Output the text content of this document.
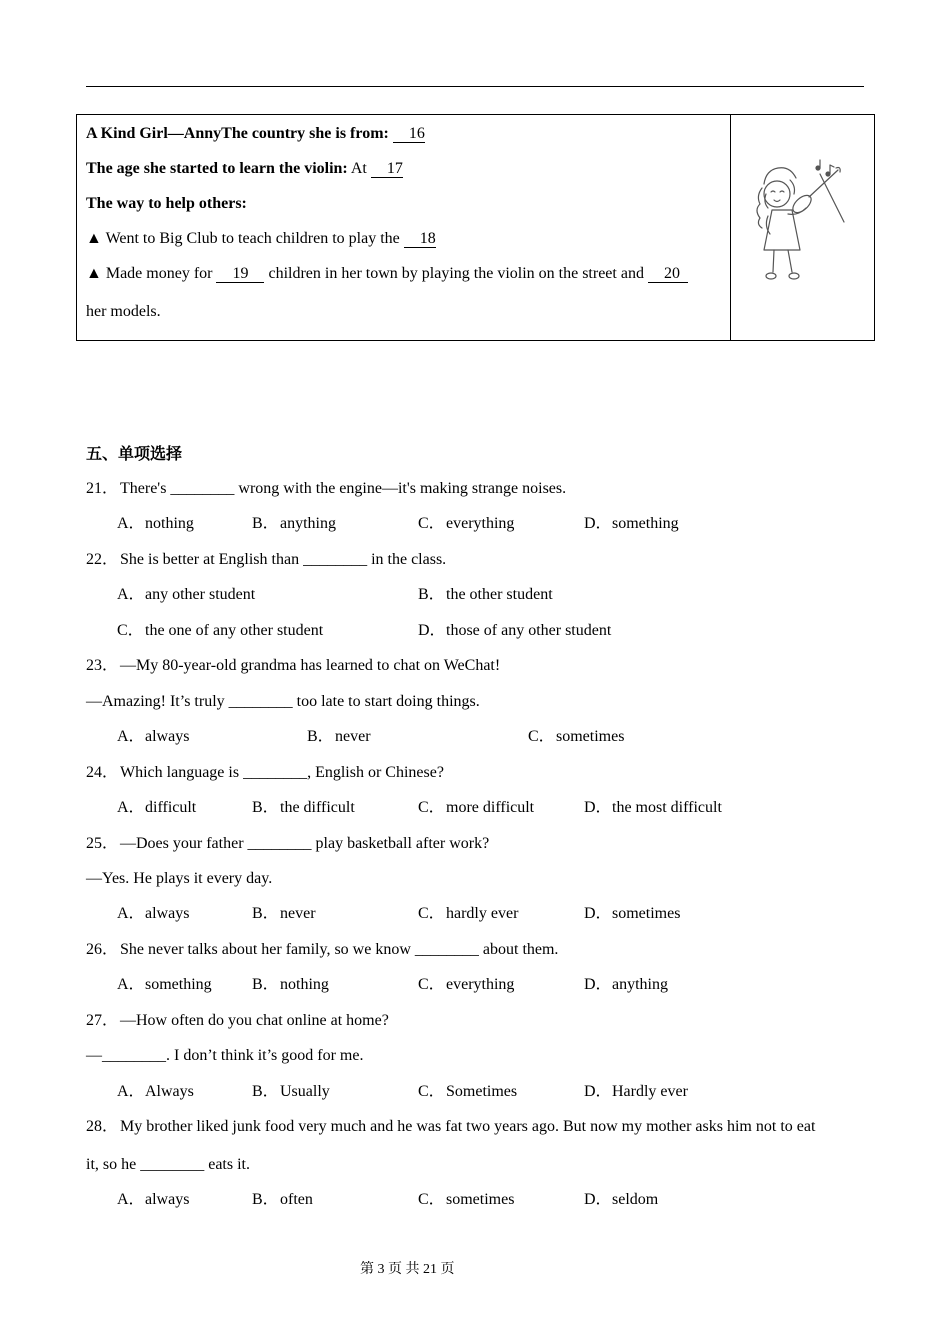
A Kind Girl—AnnyThe country she is from: 16
The age she started to learn the violin: At 17
The way to help others:
▲ Went to Big Club to teach children to play the 18
▲ Made money for 19 children in her town by playing the violin on the street and 20
her models.
五、单项选择
21． There's ________ wrong with the engine—it's making strange noises.
A．nothing	B．anything	C．everything	D．something
22． She is better at English than ________ in the class.
A．any other student	B．the other student
C．the one of any other student	D．those of any other student
23． —My 80-year-old grandma has learned to chat on WeChat!
—Amazing! It’s truly ________ too late to start doing things.
A．always	B．never	C．sometimes
24． Which language is ________, English or Chinese?
A．difficult	B．the difficult	C．more difficult	D．the most difficult
25． —Does your father ________ play basketball after work?
—Yes. He plays it every day.
A．always	B．never	C．hardly ever	D．sometimes
26． She never talks about her family, so we know ________ about them.
A．something	B．nothing	C．everything	D．anything
27． —How often do you chat online at home?
—________. I don’t think it’s good for me.
A．Always	B．Usually	C．Sometimes	D．Hardly ever
28． My brother liked junk food very much and he was fat two years ago. But now my mother asks him not to eat
it, so he ________ eats it.
A．always	B．often	C．sometimes	D．seldom
第 3 页 共 21 页
